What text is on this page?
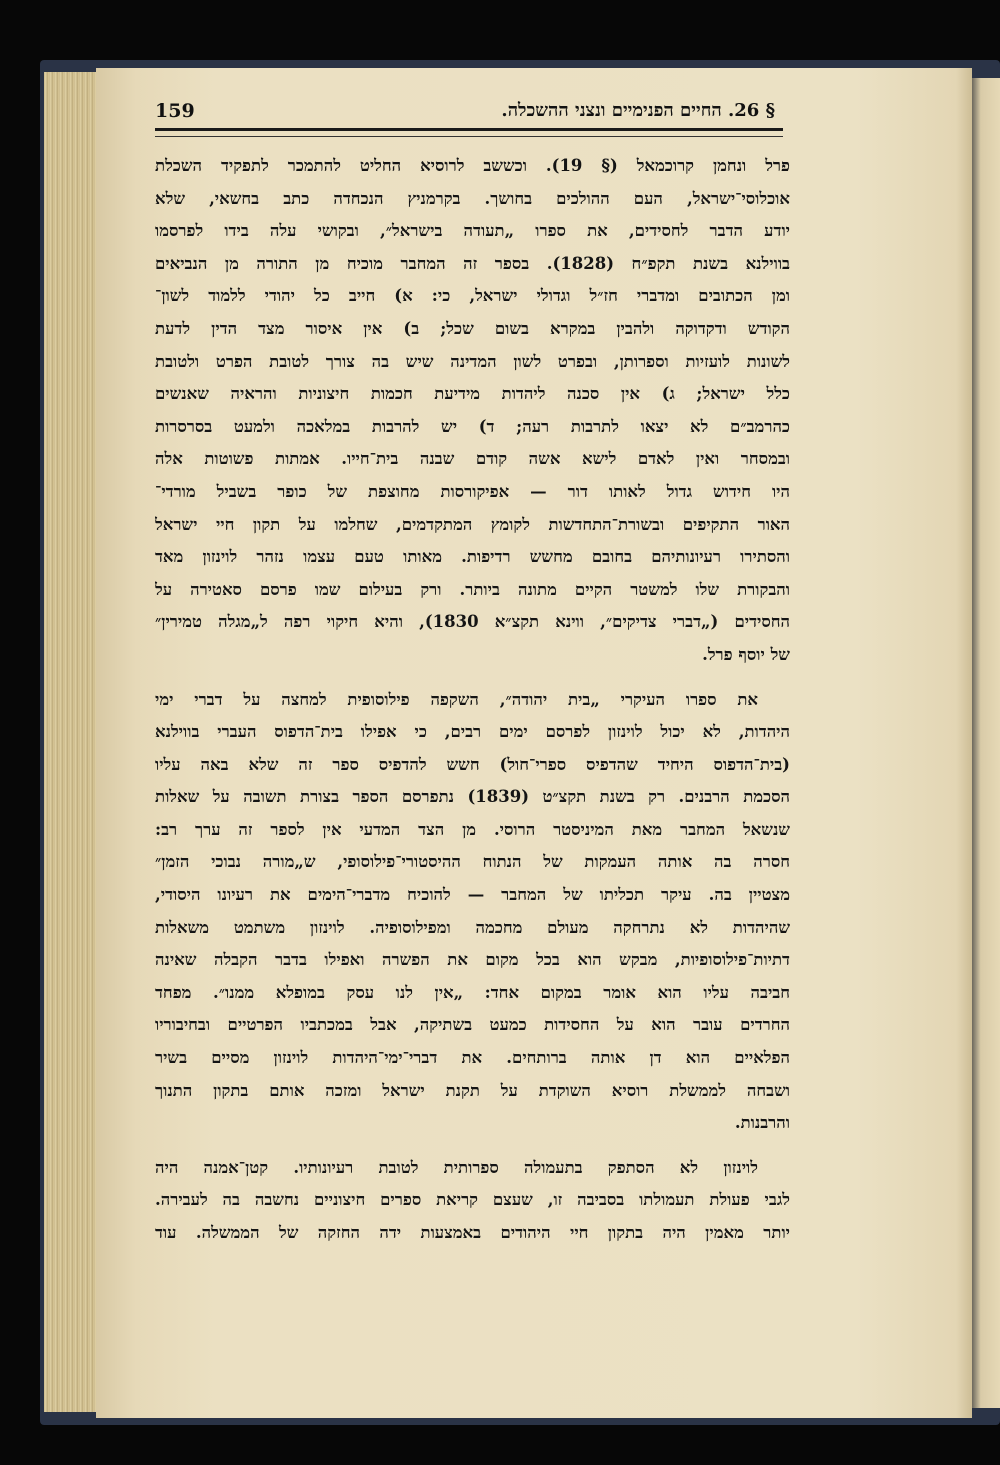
159	§ 26. החיים הפנימיים ונצני ההשכלה.
פרל ונחמן קרוכמאל (§ 19). וכששב לרוסיא החליט להתמכר לתפקיד השכלת
אוכלוסי־ישראל, העם ההולכים בחושך. בקרמניץ הנכחדה כתב בחשאי, שלא
יודע הדבר לחסידים, את ספרו „תעודה בישראל״, ובקושי עלה בידו לפרסמו
בווילנא בשנת תקפ״ח (1828). בספר זה המחבר מוכיח מן התורה מן הנביאים
ומן הכתובים ומדברי חז״ל וגדולי ישראל, כי: א) חייב כל יהודי ללמוד לשון־
הקודש ודקדוקה ולהבין במקרא בשום שכל; ב) אין איסור מצד הדין לדעת
לשונות לועזיות וספרותן, ובפרט לשון המדינה שיש בה צורך לטובת הפרט ולטובת
כלל ישראל; ג) אין סכנה ליהדות מידיעת חכמות חיצוניות והראיה שאנשים
כהרמב״ם לא יצאו לתרבות רעה; ד) יש להרבות במלאכה ולמעט בסרסרות
ובמסחר ואין לאדם לישא אשה קודם שבנה בית־חייו. אמתות פשוטות אלה
היו חידוש גדול לאותו דור — אפיקורסות מחוצפת של כופר בשביל מורדי־
האור התקיפים ובשורת־התחדשות לקומץ המתקדמים, שחלמו על תקון חיי ישראל
והסתירו רעיונותיהם בחובם מחשש רדיפות. מאותו טעם עצמו נזהר לוינזון מאד
והבקורת שלו למשטר הקיים מתונה ביותר. ורק בעילום שמו פרסם סאטירה על
החסידים („דברי צדיקים״, ווינא תקצ״א 1830), והיא חיקוי רפה ל„מגלה טמירין״
של יוסף פרל.
את ספרו העיקרי „בית יהודה״, השקפה פילוסופית למחצה על דברי ימי
היהדות, לא יכול לוינזון לפרסם ימים רבים, כי אפילו בית־הדפוס העברי בווילנא
(בית־הדפוס היחיד שהדפיס ספרי־חול) חשש להדפיס ספר זה שלא באה עליו
הסכמת הרבנים. רק בשנת תקצ״ט (1839) נתפרסם הספר בצורת תשובה על שאלות
שנשאל המחבר מאת המיניסטר הרוסי. מן הצד המדעי אין לספר זה ערך רב:
חסרה בה אותה העמקות של הנתוח ההיסטורי־פילוסופי, ש„מורה נבוכי הזמן״
מצטיין בה. עיקר תכליתו של המחבר — להוכיח מדברי־הימים את רעיונו היסודי,
שהיהדות לא נתרחקה מעולם מחכמה ומפילוסופיה. לוינזון משתמט משאלות
דתיות־פילוסופיות, מבקש הוא בכל מקום את הפשרה ואפילו בדבר הקבלה שאינה
חביבה עליו הוא אומר במקום אחד: „אין לנו עסק במופלא ממנו״. מפחד
החרדים עובר הוא על החסידות כמעט בשתיקה, אבל במכתביו הפרטיים ובחיבוריו
הפלאיים הוא דן אותה ברותחים. את דברי־ימי־היהדות לוינזון מסיים בשיר
ושבחה לממשלת רוסיא השוקדת על תקנת ישראל ומזכה אותם בתקון התנוך
והרבנות.
לוינזון לא הסתפק בתעמולה ספרותית לטובת רעיונותיו. קטן־אמנה היה
לגבי פעולת תעמולתו בסביבה זו, שעצם קריאת ספרים חיצוניים נחשבה בה לעבירה.
יותר מאמין היה בתקון חיי היהודים באמצעות ידה החזקה של הממשלה. עוד
